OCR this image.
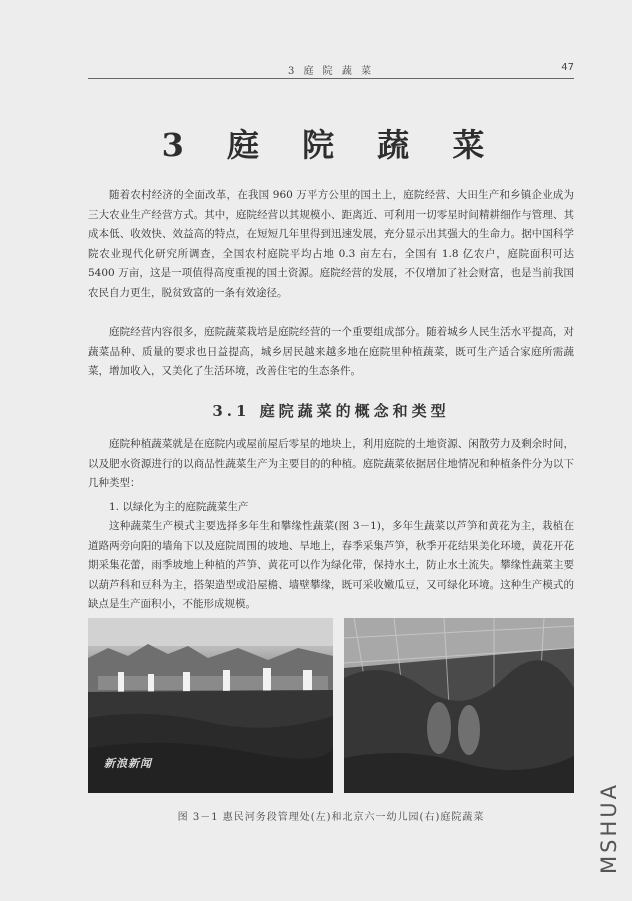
3 庭 院 蔬 菜	47
3 庭 院 蔬 菜

随着农村经济的全面改革，在我国 960 万平方公里的国土上，庭院经营、大田生产和乡镇企业成为三大农业生产经营方式。其中，庭院经营以其规模小、距离近、可利用一切零星时间精耕细作与管理、其成本低、收效快、效益高的特点，在短短几年里得到迅速发展，充分显示出其强大的生命力。据中国科学院农业现代化研究所调查，全国农村庭院平均占地 0.3 亩左右，全国有 1.8 亿农户，庭院面积可达 5400 万亩，这是一项值得高度重视的国土资源。庭院经营的发展，不仅增加了社会财富，也是当前我国农民自力更生，脱贫致富的一条有效途径。

庭院经营内容很多，庭院蔬菜栽培是庭院经营的一个重要组成部分。随着城乡人民生活水平提高，对蔬菜品种、质量的要求也日益提高，城乡居民越来越多地在庭院里种植蔬菜，既可生产适合家庭所需蔬菜，增加收入，又美化了生活环境，改善住宅的生态条件。

3.1 庭院蔬菜的概念和类型

庭院种植蔬菜就是在庭院内或屋前屋后零星的地块上，利用庭院的土地资源、闲散劳力及剩余时间，以及肥水资源进行的以商品性蔬菜生产为主要目的的种植。庭院蔬菜依据居住地情况和种植条件分为以下几种类型：

1. 以绿化为主的庭院蔬菜生产

这种蔬菜生产模式主要选择多年生和攀缘性蔬菜(图 3－1)，多年生蔬菜以芦笋和黄花为主，栽植在道路两旁向阳的墙角下以及庭院周围的坡地、旱地上，春季采集芦笋，秋季开花结果美化环境，黄花开花期采集花蕾，雨季坡地上种植的芦笋、黄花可以作为绿化带，保持水土，防止水土流失。攀缘性蔬菜主要以葫芦科和豆科为主，搭架造型或沿屋檐、墙壁攀缘，既可采收嫩瓜豆，又可绿化环境。这种生产模式的缺点是生产面积小，不能形成规模。

新浪新闻
图 3－1 惠民河务段管理处(左)和北京六一幼儿园(右)庭院蔬菜	MSHUA
